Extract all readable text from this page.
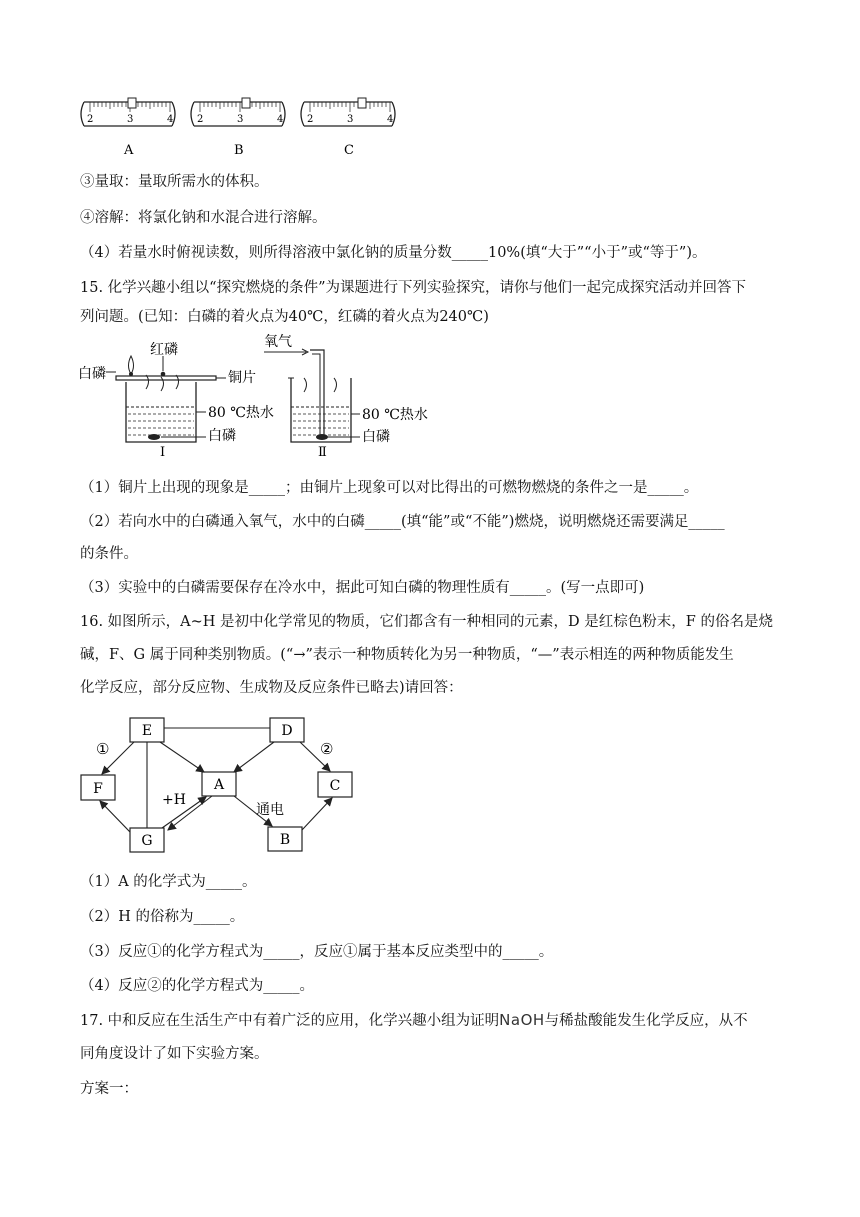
2	3	4
A
2	3	4
B
2	3	4
C
③量取：量取所需水的体积。
④溶解：将氯化钠和水混合进行溶解。
（4）若量水时俯视读数，则所得溶液中氯化钠的质量分数_____10%(填“大于”“小于”或“等于”)。
15. 化学兴趣小组以“探究燃烧的条件”为课题进行下列实验探究，请你与他们一起完成探究活动并回答下
列问题。(已知：白磷的着火点为40℃，红磷的着火点为240℃)
红磷
白磷	铜片
80 ℃热水
白磷
Ⅰ
氧气
80 ℃热水
白磷
Ⅱ
（1）铜片上出现的现象是_____；由铜片上现象可以对比得出的可燃物燃烧的条件之一是_____。
（2）若向水中的白磷通入氧气，水中的白磷_____(填“能”或“不能”)燃烧，说明燃烧还需要满足_____
的条件。
（3）实验中的白磷需要保存在冷水中，据此可知白磷的物理性质有_____。(写一点即可)
16. 如图所示，A~H 是初中化学常见的物质，它们都含有一种相同的元素，D 是红棕色粉末，F 的俗名是烧
碱，F、G 属于同种类别物质。(“→”表示一种物质转化为另一种物质，“—”表示相连的两种物质能发生
化学反应，部分反应物、生成物及反应条件已略去)请回答：
E	D
F	A	C
G	B
①	②
+H
通电
（1）A 的化学式为_____。
（2）H 的俗称为_____。
（3）反应①的化学方程式为_____，反应①属于基本反应类型中的_____。
（4）反应②的化学方程式为_____。
17. 中和反应在生活生产中有着广泛的应用，化学兴趣小组为证明NaOH与稀盐酸能发生化学反应，从不
同角度设计了如下实验方案。
方案一：
